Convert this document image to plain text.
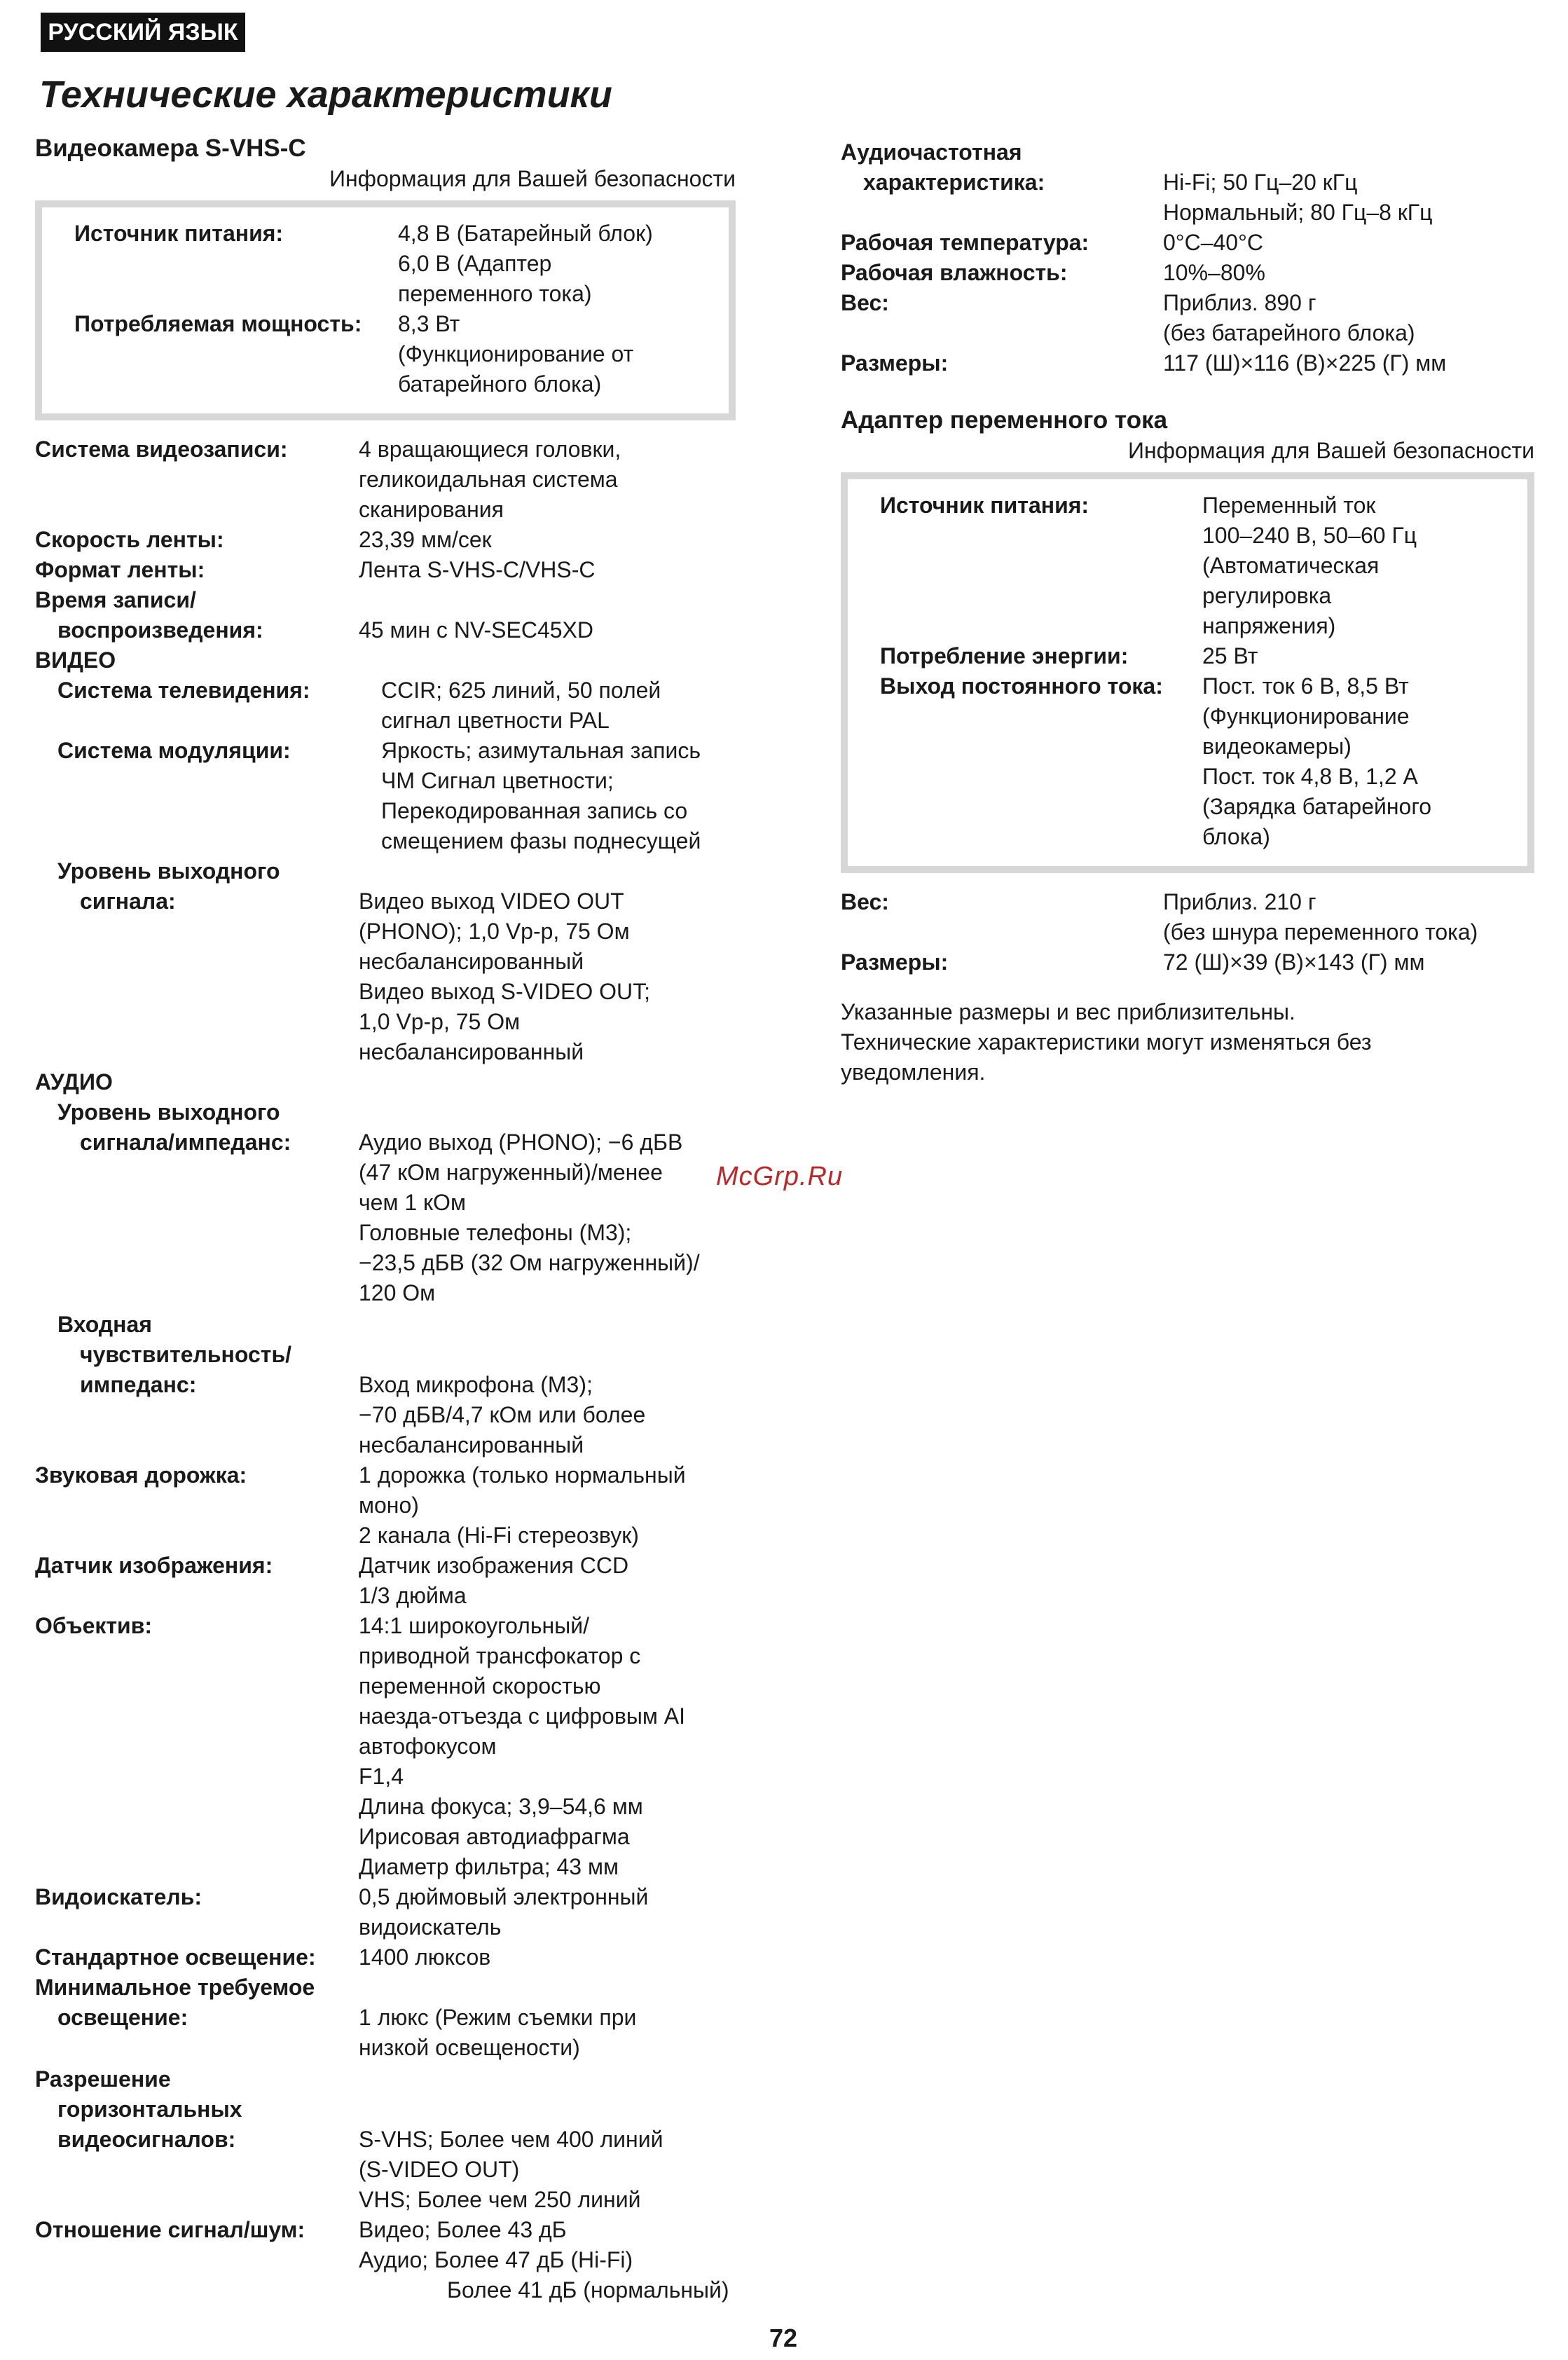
РУССКИЙ ЯЗЫК
Технические характеристики
Видеокамера S-VHS-C

Информация для Вашей безопасности

Источник питания:	4,8 В (Батарейный блок)
6,0 В (Адаптер
переменного тока)
Потребляемая мощность:	8,3 Вт
(Функционирование от
батарейного блока)
Система видеозаписи:	4 вращающиеся головки,
геликоидальная система
сканирования
Скорость ленты:	23,39 мм/сек
Формат ленты:	Лента S-VHS-C/VHS-C
Время записи/
воспроизведения:
	45 мин с NV-SEC45XD
ВИДЕО
Система телевидения:	CCIR; 625 линий, 50 полей
сигнал цветности PAL
Система модуляции:	Яркость; азимутальная запись
ЧМ Сигнал цветности;
Перекодированная запись со
смещением фазы поднесущей
Уровень выходного
сигнала:
	Видео выход VIDEO OUT
(PHONO); 1,0 Vp-p, 75 Ом
несбалансированный
Видео выход S-VIDEO OUT;
1,0 Vp-p, 75 Ом
несбалансированный
АУДИО
Уровень выходного
сигнала/импеданс:
	Аудио выход (PHONO); −6 дБВ
(47 кОм нагруженный)/менее
чем 1 кОм
Головные телефоны (M3);
−23,5 дБВ (32 Ом нагруженный)/
120 Ом
Входная
чувствительность/
импеданс:

	Вход микрофона (M3);
−70 дБВ/4,7 кОм или более
несбалансированный
Звуковая дорожка:	1 дорожка (только нормальный
моно)
2 канала (Hi-Fi стереозвук)
Датчик изображения:	Датчик изображения CCD
1/3 дюйма
Объектив:	14:1 широкоугольный/
приводной трансфокатор с
переменной скоростью
наезда-отъезда с цифровым AI
автофокусом
F1,4
Длина фокуса; 3,9–54,6 мм
Ирисовая автодиафрагма
Диаметр фильтра; 43 мм
Видоискатель:	0,5 дюймовый электронный
видоискатель
Стандартное освещение:	1400 люксов
Минимальное требуемое
освещение:
	1 люкс (Режим съемки при
низкой освещености)
Разрешение
горизонтальных
видеосигналов:

	S-VHS; Более чем 400 линий
(S-VIDEO OUT)
VHS; Более чем 250 линий
Отношение сигнал/шум:	Видео; Более 43 дБ
Аудио; Более 47 дБ (Hi-Fi)
Более 41 дБ (нормальный)
Аудиочастотная
характеристика:
	Hi-Fi; 50 Гц–20 кГц
Нормальный; 80 Гц–8 кГц
Рабочая температура:	0°C–40°C
Рабочая влажность:	10%–80%
Вес:	Приблиз. 890 г
(без батарейного блока)
Размеры:	117 (Ш)×116 (В)×225 (Г) мм
Адаптер переменного тока

Информация для Вашей безопасности

Источник питания:	Переменный ток
100–240 В, 50–60 Гц
(Автоматическая
регулировка
напряжения)
Потребление энергии:	25 Вт
Выход постоянного тока:	Пост. ток 6 В, 8,5 Вт
(Функционирование
видеокамеры)
Пост. ток 4,8 В, 1,2 А
(Зарядка батарейного
блока)
Вес:	Приблиз. 210 г
(без шнура переменного тока)
Размеры:	72 (Ш)×39 (В)×143 (Г) мм
Указанные размеры и вес приблизительны.
Технические характеристики могут изменяться без
уведомления.
McGrp.Ru
72
